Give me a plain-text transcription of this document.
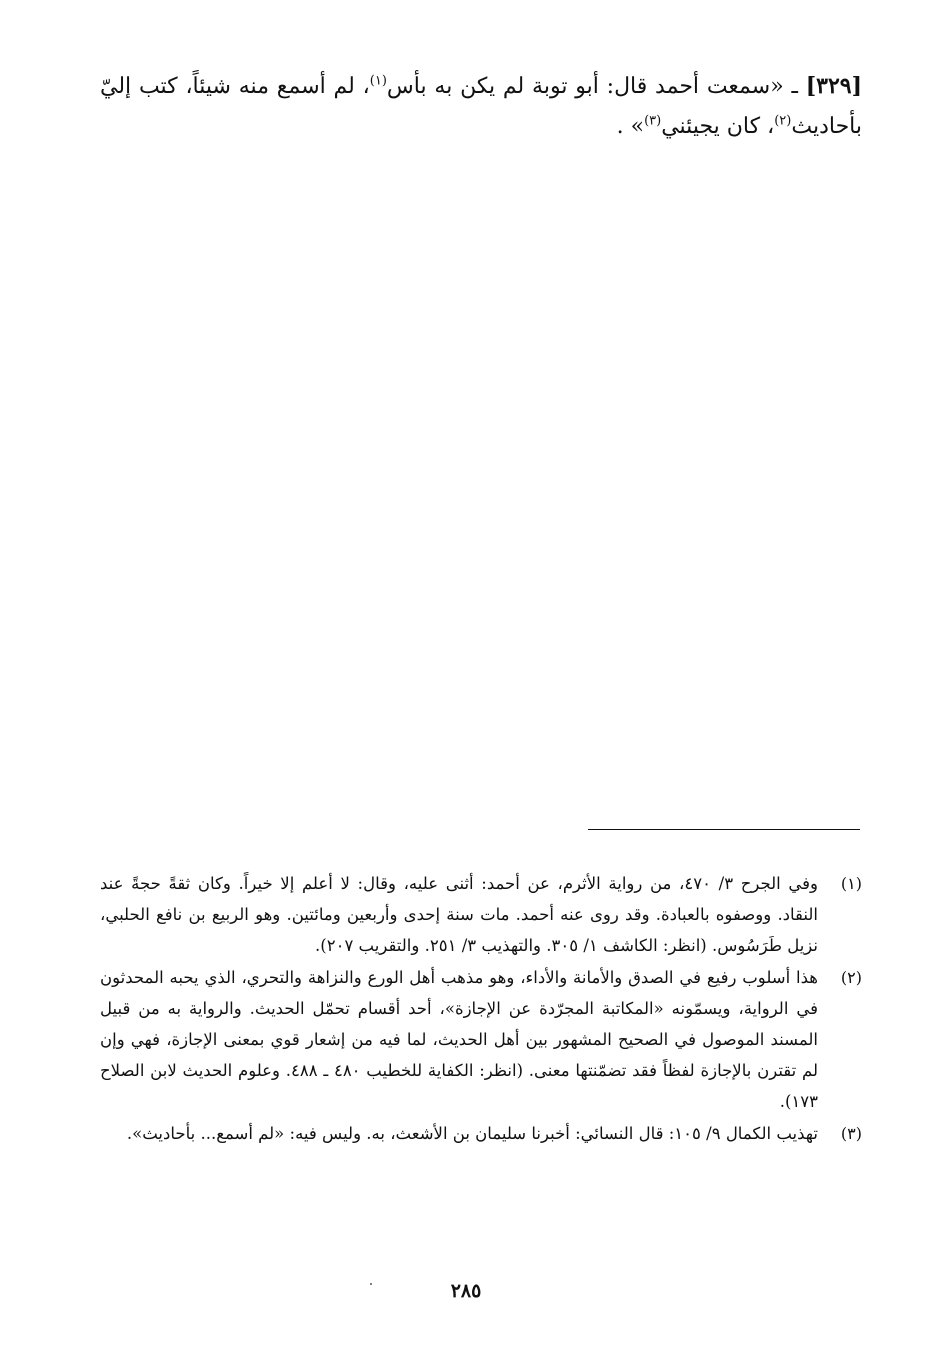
[٣٢٩] ـ «سمعت أحمد قال: أبو توبة لم يكن به بأس$^{(١)}$، لم أسمع منه شيئاً، كتب إليّ بأحاديث$^{(٢)}$، كان يجيئني$^{(٣)}$» .

(١)
وفي الجرح ٣/ ٤٧٠، من رواية الأثرم، عن أحمد: أثنى عليه، وقال: لا أعلم إلا خيراً. وكان ثقةً حجةً عند النقاد. ووصفوه بالعبادة. وقد روى عنه أحمد. مات سنة إحدى وأربعين ومائتين. وهو الربيع بن نافع الحلبي، نزيل طَرَسُوس. (انظر: الكاشف ١/ ٣٠٥. والتهذيب ٣/ ٢٥١. والتقريب ٢٠٧).
(٢)
هذا أسلوب رفيع في الصدق والأمانة والأداء، وهو مذهب أهل الورع والنزاهة والتحري، الذي يحبه المحدثون في الرواية، ويسمّونه «المكاتبة المجرّدة عن الإجازة»، أحد أقسام تحمّل الحديث. والرواية به من قبيل المسند الموصول في الصحيح المشهور بين أهل الحديث، لما فيه من إشعار قوي بمعنى الإجازة، فهي وإن لم تقترن بالإجازة لفظاً فقد تضمّنتها معنى. (انظر: الكفاية للخطيب ٤٨٠ ـ ٤٨٨. وعلوم الحديث لابن الصلاح ١٧٣).
(٣)
تهذيب الكمال ٩/ ١٠٥: قال النسائي: أخبرنا سليمان بن الأشعث، به. وليس فيه: «لم أسمع... بأحاديث».
٢٨٥
